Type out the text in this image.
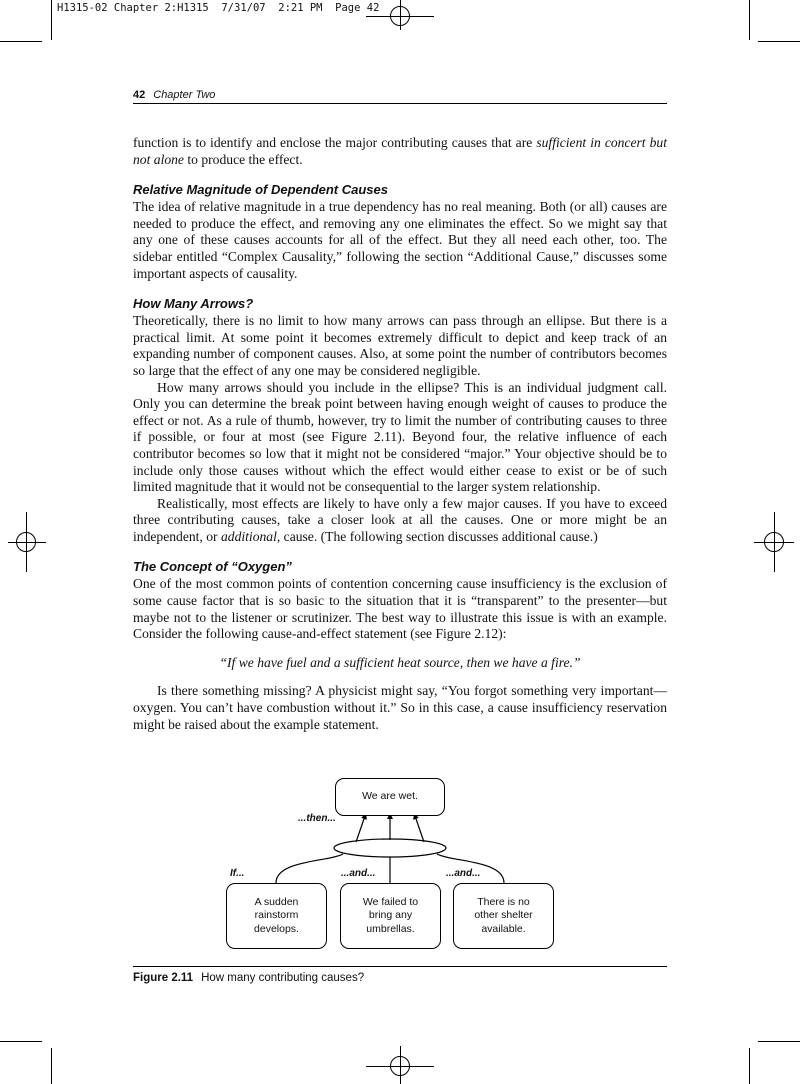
H1315-02 Chapter 2:H1315  7/31/07  2:21 PM  Page 42
42 Chapter Two

function is to identify and enclose the major contributing causes that are sufficient in concert but not alone to produce the effect.

Relative Magnitude of Dependent Causes

The idea of relative magnitude in a true dependency has no real meaning. Both (or all) causes are needed to produce the effect, and removing any one eliminates the effect. So we might say that any one of these causes accounts for all of the effect. But they all need each other, too. The sidebar entitled “Complex Causality,” following the section “Additional Cause,” discusses some important aspects of causality.

How Many Arrows?

Theoretically, there is no limit to how many arrows can pass through an ellipse. But there is a practical limit. At some point it becomes extremely difficult to depict and keep track of an expanding number of component causes. Also, at some point the number of contributors becomes so large that the effect of any one may be considered negligible.

How many arrows should you include in the ellipse? This is an individual judgment call. Only you can determine the break point between having enough weight of causes to produce the effect or not. As a rule of thumb, however, try to limit the number of contributing causes to three if possible, or four at most (see Figure 2.11). Beyond four, the relative influence of each contributor becomes so low that it might not be considered “major.” Your objective should be to include only those causes without which the effect would either cease to exist or be of such limited magnitude that it would not be consequential to the larger system relationship.

Realistically, most effects are likely to have only a few major causes. If you have to exceed three contributing causes, take a closer look at all the causes. One or more might be an independent, or additional, cause. (The following section discusses additional cause.)

The Concept of “Oxygen”

One of the most common points of contention concerning cause insufficiency is the exclusion of some cause factor that is so basic to the situation that it is “transparent” to the presenter—but maybe not to the listener or scrutinizer. The best way to illustrate this issue is with an example. Consider the following cause-and-effect statement (see Figure 2.12):

“If we have fuel and a sufficient heat source, then we have a fire.”

Is there something missing? A physicist might say, “You forgot something very important—oxygen. You can’t have combustion without it.” So in this case, a cause insufficiency reservation might be raised about the example statement.

We are wet.
...then...
If...	...and...	...and...
A sudden
rainstorm
develops.
We failed to
bring any
umbrellas.
There is no
other shelter
available.
Figure 2.11 How many contributing causes?
